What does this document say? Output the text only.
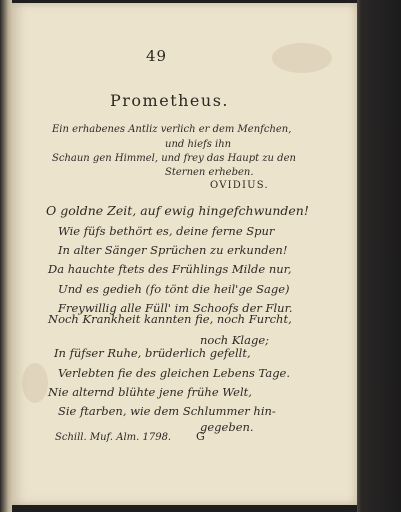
49
Prometheus.
Ein erhabenes Antliz verlich er dem Menfchen,
und hiefs ihn
Schaun gen Himmel, und frey das Haupt zu den
Sternen erheben.
OVIDIUS.
O goldne Zeit, auf ewig hingefchwunden!
Wie füfs bethört es, deine ferne Spur
In alter Sänger Sprüchen zu erkunden!
Da hauchte ftets des Frühlings Milde nur,
Und es gedieh (fo tönt die heil'ge Sage)
Freywillig alle Füll' im Schoofs der Flur.
Noch Krankheit kannten fie, noch Furcht,
noch Klage;
In füfser Ruhe, brüderlich gefellt,
Verlebten fie des gleichen Lebens Tage.
Nie alternd blühte jene frühe Welt,
Sie ftarben, wie dem Schlummer hin-
gegeben.
Schill. Muf. Alm. 1798. G
